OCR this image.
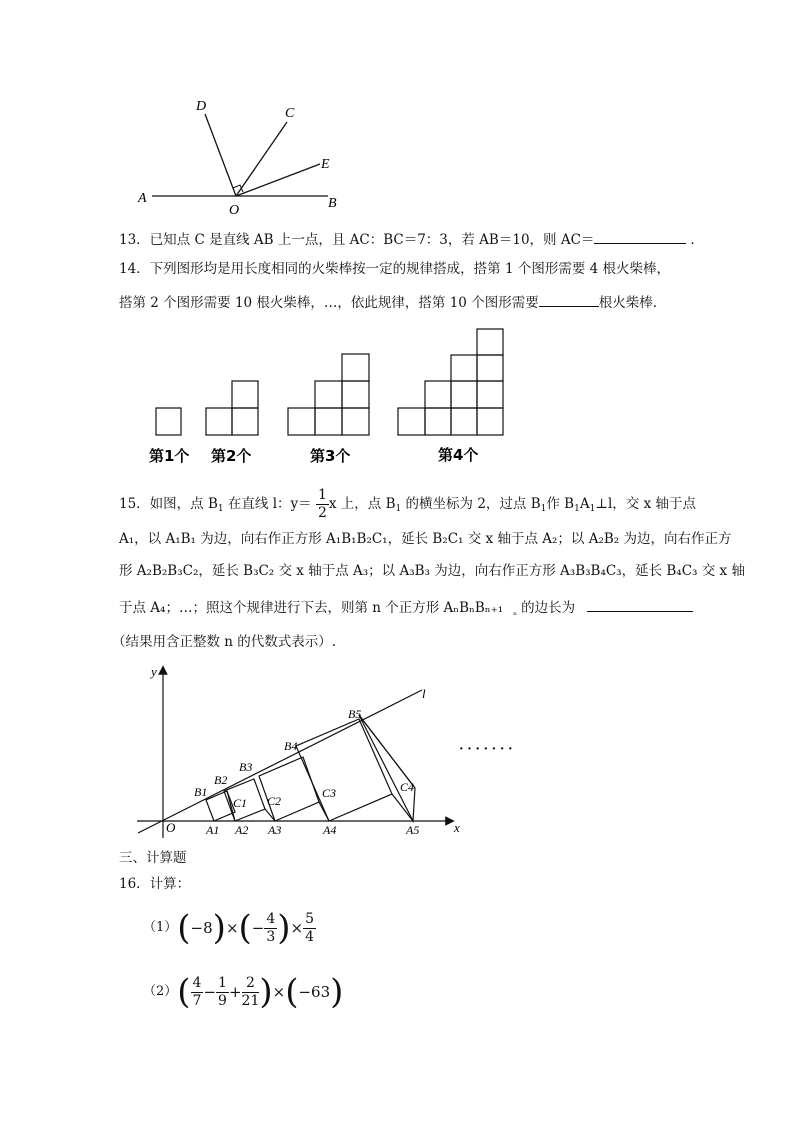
A	B
C
D
E
O
13．已知点 C 是直线 AB 上一点，且 AC：BC＝7：3，若 AB＝10，则 AC＝	.
14．下列图形均是用长度相同的火柴棒按一定的规律搭成，搭第 1 个图形需要 4 根火柴棒，
搭第 2 个图形需要 10 根火柴棒，…，依此规律，搭第 10 个图形需要	根火柴棒.
第1个 第2个	第3个	第4个
15．如图，点 $B_1$ 在直线 l：$y= \frac{1}{2}$ x 上，点 $B_1$ 的横坐标为 2，过点 $B_1$作 $B_1A_1\perp l$，交 x 轴于点
A₁，以 A₁B₁ 为边，向右作正方形 A₁B₁B₂C₁，延长 B₂C₁ 交 x 轴于点 A₂；以 A₂B₂ 为边，向右作正方
形 A₂B₂B₃C₂，延长 B₃C₂ 交 x 轴于点 A₃；以 A₃B₃ 为边，向右作正方形 A₃B₃B₄C₃，延长 B₄C₃ 交 x 轴
于点 A₄；…；照这个规律进行下去，则第 n 个正方形 AₙBₙBₙ₊₁ $_{_n}$ 的边长为
（结果用含正整数 n 的代数式表示）.
y
x
l
O	A1 A2 A3	A4	A5
B1
B2
B3
B4
B5
C1 C2
C3	C4
· · · · · · ·
三、计算题
16．计算：
（1） ( −8 ) × ( − $\frac{4}{3}$ ) × $\frac{5}{4}$
（2） ( $\frac{4}{7} - \frac{1}{9} + \frac{2}{21}$ ) × ( −63 )
